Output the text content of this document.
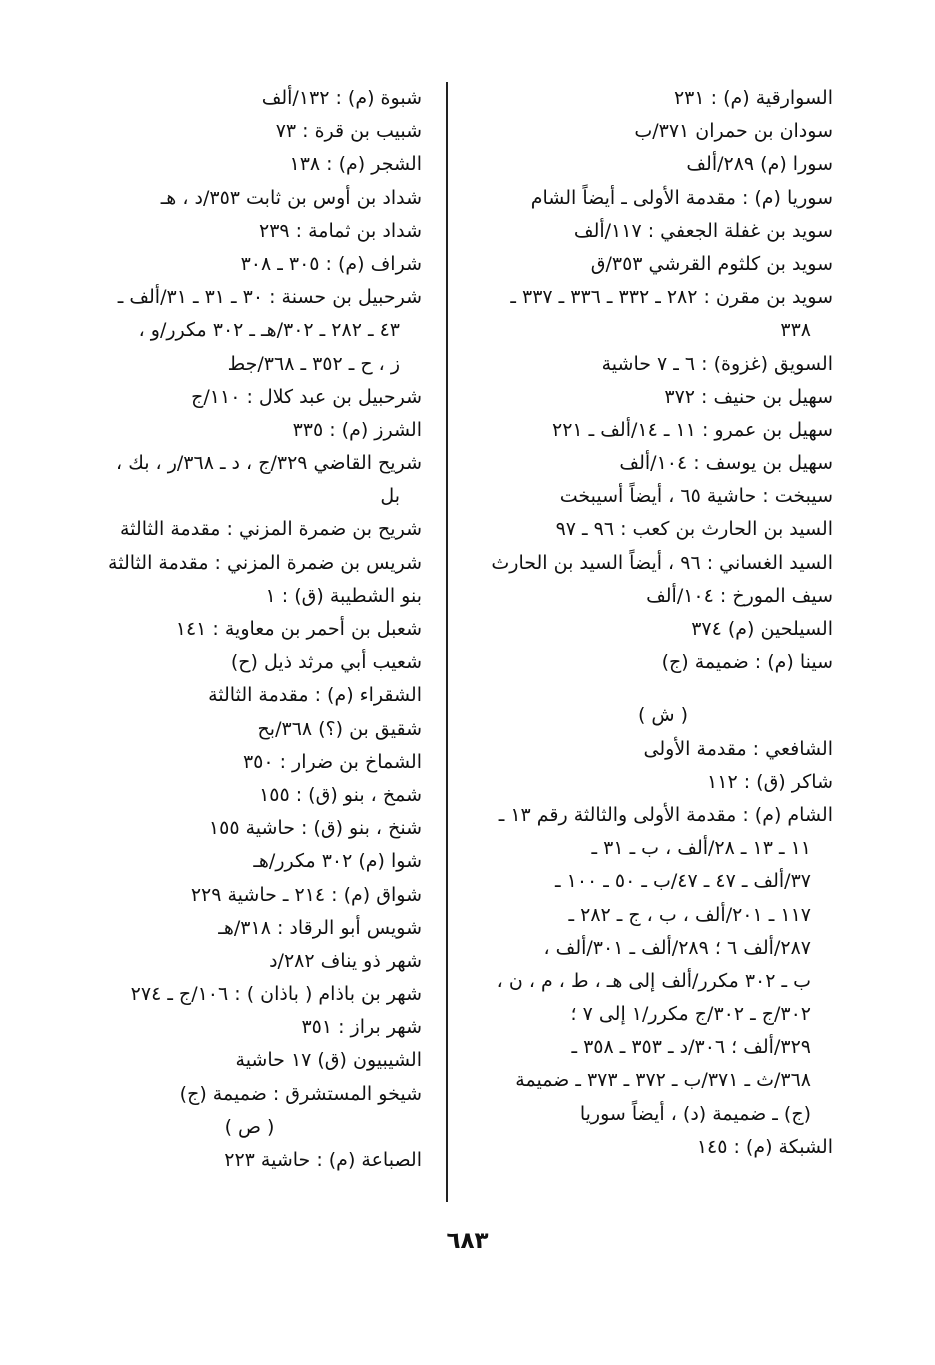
السوارقية (م) : ٢٣١
سودان بن حمران ٣٧١/ب
سورا (م) ٢٨٩/ألف
سوريا (م) : مقدمة الأولى ـ أيضاً الشام
سويد بن غفلة الجعفي : ١١٧/ألف
سويد بن كلثوم القرشي ٣٥٣/ق
سويد بن مقرن : ٢٨٢ ـ ٣٣٢ ـ ٣٣٦ ـ ٣٣٧ ـ
٣٣٨
السويق (غزوة) : ٦ ـ ٧ حاشية
سهيل بن حنيف : ٣٧٢
سهيل بن عمرو : ١١ ـ ١٤/ألف ـ ٢٢١
سهيل بن يوسف : ١٠٤/ألف
سيبخت : حاشية ٦٥ ، أيضاً أسيبخت
السيد بن الحارث بن كعب : ٩٦ ـ ٩٧
السيد الغساني : ٩٦ ، أيضاً السيد بن الحارث
سيف المورخ : ١٠٤/ألف
السيلحين (م) ٣٧٤
سينا (م) : ضميمة (ج)
( ش )
الشافعي : مقدمة الأولى
شاكر (ق) : ١١٢
الشام (م) : مقدمة الأولى والثالثة رقم ١٣ ـ
١١ ـ ١٣ ـ ٢٨/ألف ، ب ـ ٣١ ـ
٣٧/ألف ـ ٤٧ ـ ٤٧/ب ـ ٥٠ ـ ١٠٠ ـ
١١٧ ـ ٢٠١/ألف ، ب ، ج ـ ٢٨٢ ـ
٢٨٧/ألف ٦ ؛ ٢٨٩/ألف ـ ٣٠١/ألف ،
ب ـ ٣٠٢ مكرر/ألف إلى هـ ، ط ، م ، ن ،
٣٠٢/ج ـ ٣٠٢/ج مكرر/١ إلى ٧ ؛
٣٢٩/ألف ؛ ٣٠٦/د ـ ٣٥٣ ـ ٣٥٨ ـ
٣٦٨/ث ـ ٣٧١/ب ـ ٣٧٢ ـ ٣٧٣ ـ ضميمة
(ج) ـ ضميمة (د) ، أيضاً سوريا
الشبكة (م) : ١٤٥
شبوة (م) : ١٣٢/ألف
شبيب بن قرة : ٧٣
الشجر (م) : ١٣٨
شداد بن أوس بن ثابت ٣٥٣/د ، هـ
شداد بن ثمامة : ٢٣٩
شراف (م) : ٣٠٥ ـ ٣٠٨
شرحبيل بن حسنة : ٣٠ ـ ٣١ ـ ٣١/ألف ـ
٤٣ ـ ٢٨٢ ـ ٣٠٢/هـ ـ ٣٠٢ مكرر/و ،
ز ، ح ـ ٣٥٢ ـ ٣٦٨/جط
شرحبيل بن عبد كلال : ١١٠/ج
الشرز (م) : ٣٣٥
شريح القاضي ٣٢٩/ج ، د ـ ٣٦٨/ر ، بك ،
بل
شريح بن ضمرة المزني : مقدمة الثالثة
شريس بن ضمرة المزني : مقدمة الثالثة
بنو الشطيبة (ق) : ١
شعبل بن أحمر بن معاوية : ١٤١
شعيب أبي مرثد ذيل (ح)
الشقراء (م) : مقدمة الثالثة
شقيق بن (؟) ٣٦٨/بح
الشماخ بن ضرار : ٣٥٠
شمخ ، بنو (ق) : ١٥٥
شنخ ، بنو (ق) : حاشية ١٥٥
شوا (م) ٣٠٢ مكرر/هـ
شواق (م) : ٢١٤ ـ حاشية ٢٢٩
شويس أبو الرقاد : ٣١٨/هـ
شهر ذو يناف ٢٨٢/د
شهر بن باذام ( باذان ) : ١٠٦/ج ـ ٢٧٤
شهر براز : ٣٥١
الشيبيون (ق) ١٧ حاشية
شيخو المستشرق : ضميمة (ج)
( ص )
الصباعة (م) : حاشية ٢٢٣
٦٨٣
